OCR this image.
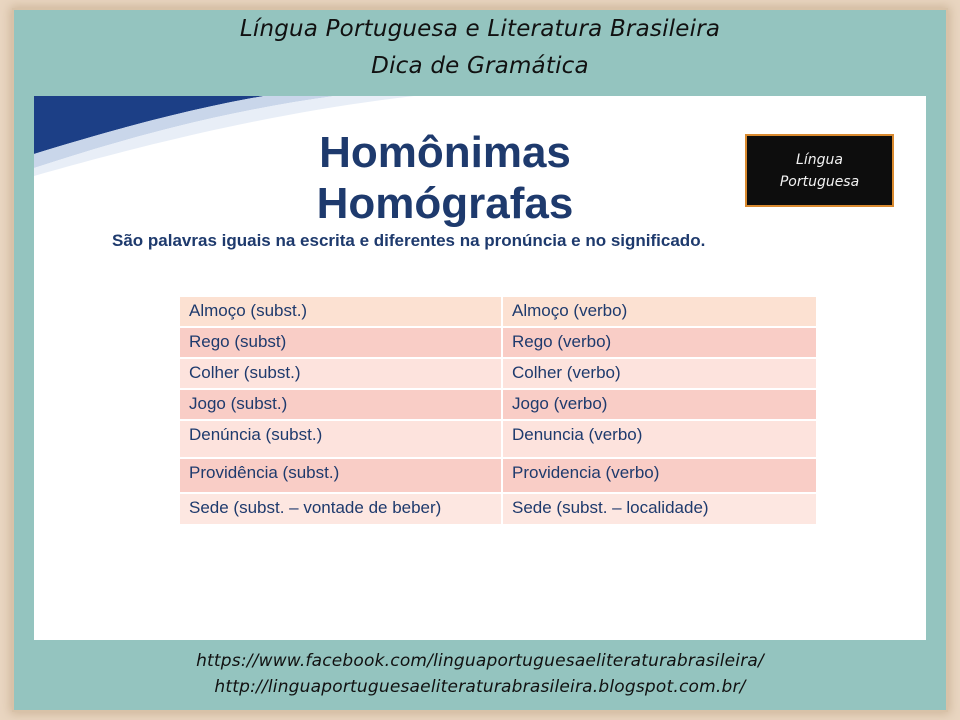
Língua Portuguesa e Literatura Brasileira
Dica de Gramática
Homônimas
Homógrafas
São palavras iguais na escrita e diferentes na pronúncia e no significado.
Língua
Portuguesa
Almoço (subst.)	Almoço (verbo)
Rego (subst)	Rego (verbo)
Colher (subst.)	Colher (verbo)
Jogo (subst.)	Jogo (verbo)
Denúncia (subst.)	Denuncia (verbo)
Providência (subst.)	Providencia (verbo)
Sede (subst. – vontade de beber)	Sede (subst. – localidade)
https://www.facebook.com/linguaportuguesaeliteraturabrasileira/
http://linguaportuguesaeliteraturabrasileira.blogspot.com.br/
